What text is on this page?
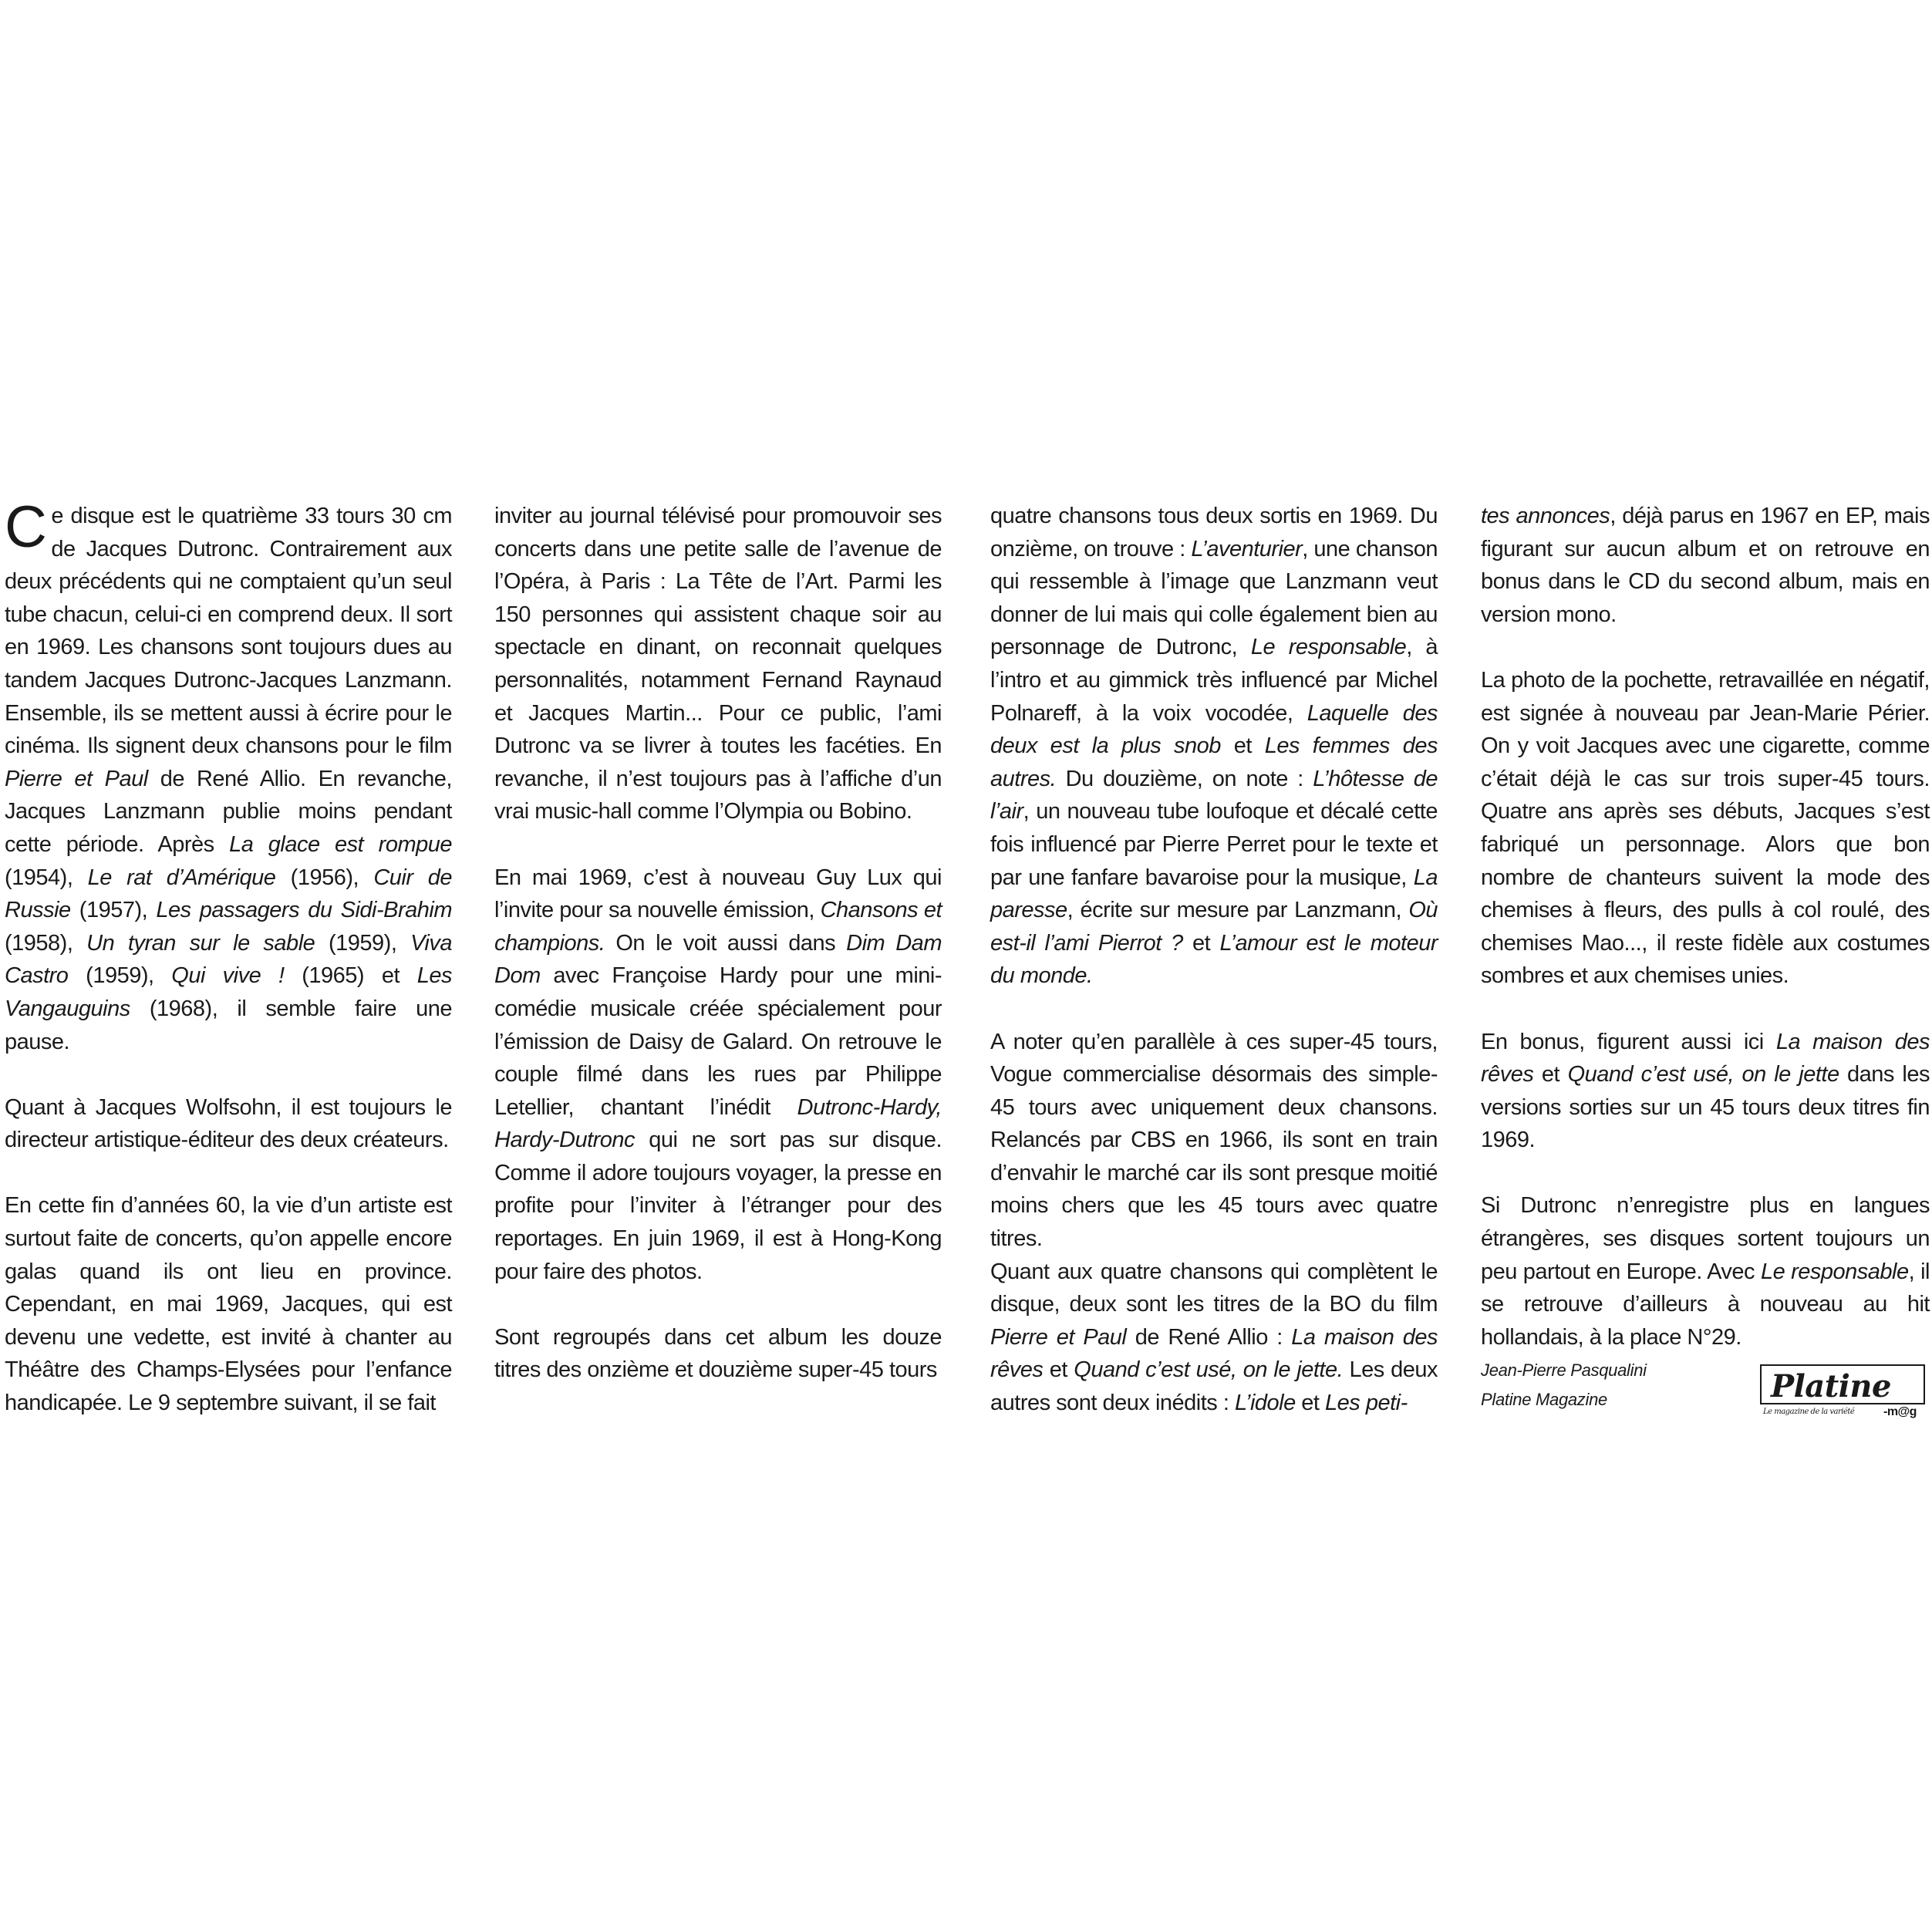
Ce disque est le quatrième 33 tours 30 cm de Jacques Dutronc. Contrairement aux deux précédents qui ne comptaient qu’un seul tube chacun, celui-ci en comprend deux. Il sort en 1969. Les chansons sont toujours dues au tandem Jacques Dutronc-Jacques Lanzmann. Ensemble, ils se mettent aussi à écrire pour le cinéma. Ils signent deux chansons pour le film Pierre et Paul de René Allio. En revanche, Jacques Lanzmann publie moins pendant cette période. Après La glace est rompue (1954), Le rat d’Amérique (1956), Cuir de Russie (1957), Les passagers du Sidi-Brahim (1958), Un tyran sur le sable (1959), Viva Castro (1959), Qui vive ! (1965) et Les Vangauguins (1968), il semble faire une pause.

Quant à Jacques Wolfsohn, il est toujours le directeur artistique-éditeur des deux créateurs.

En cette fin d’années 60, la vie d’un artiste est surtout faite de concerts, qu’on appelle encore galas quand ils ont lieu en province. Cependant, en mai 1969, Jacques, qui est devenu une vedette, est invité à chanter au Théâtre des Champs-Elysées pour l’enfance handicapée. Le 9 septembre suivant, il se fait

inviter au journal télévisé pour promouvoir ses concerts dans une petite salle de l’avenue de l’Opéra, à Paris : La Tête de l’Art. Parmi les 150 personnes qui assistent chaque soir au spectacle en dinant, on reconnait quelques personnalités, notamment Fernand Raynaud et Jacques Martin... Pour ce public, l’ami Dutronc va se livrer à toutes les facéties. En revanche, il n’est toujours pas à l’affiche d’un vrai music-hall comme l’Olympia ou Bobino.

En mai 1969, c’est à nouveau Guy Lux qui l’invite pour sa nouvelle émission, Chansons et champions. On le voit aussi dans Dim Dam Dom avec Françoise Hardy pour une mini-comédie musicale créée spécialement pour l’émission de Daisy de Galard. On retrouve le couple filmé dans les rues par Philippe Letellier, chantant l’inédit Dutronc-Hardy, Hardy-Dutronc qui ne sort pas sur disque. Comme il adore toujours voyager, la presse en profite pour l’inviter à l’étranger pour des reportages. En juin 1969, il est à Hong-Kong pour faire des photos.

Sont regroupés dans cet album les douze titres des onzième et douzième super-45 tours

quatre chansons tous deux sortis en 1969. Du onzième, on trouve : L’aventurier, une chanson qui ressemble à l’image que Lanzmann veut donner de lui mais qui colle également bien au personnage de Dutronc, Le responsable, à l’intro et au gimmick très influencé par Michel Polnareff, à la voix vocodée, Laquelle des deux est la plus snob et Les femmes des autres. Du douzième, on note : L’hôtesse de l’air, un nouveau tube loufoque et décalé cette fois influencé par Pierre Perret pour le texte et par une fanfare bavaroise pour la musique, La paresse, écrite sur mesure par Lanzmann, Où est-il l’ami Pierrot ? et L’amour est le moteur du monde.

A noter qu’en parallèle à ces super-45 tours, Vogue commercialise désormais des simple-45 tours avec uniquement deux chansons. Relancés par CBS en 1966, ils sont en train d’envahir le marché car ils sont presque moitié moins chers que les 45 tours avec quatre titres.

Quant aux quatre chansons qui complètent le disque, deux sont les titres de la BO du film Pierre et Paul de René Allio : La maison des rêves et Quand c’est usé, on le jette. Les deux autres sont deux inédits : L’idole et Les peti-

tes annonces, déjà parus en 1967 en EP, mais figurant sur aucun album et on retrouve en bonus dans le CD du second album, mais en version mono.

La photo de la pochette, retravaillée en négatif, est signée à nouveau par Jean-Marie Périer. On y voit Jacques avec une cigarette, comme c’était déjà le cas sur trois super-45 tours. Quatre ans après ses débuts, Jacques s’est fabriqué un personnage. Alors que bon nombre de chanteurs suivent la mode des chemises à fleurs, des pulls à col roulé, des chemises Mao..., il reste fidèle aux costumes sombres et aux chemises unies.

En bonus, figurent aussi ici La maison des rêves et Quand c’est usé, on le jette dans les versions sorties sur un 45 tours deux titres fin 1969.

Si Dutronc n’enregistre plus en langues étrangères, ses disques sortent toujours un peu partout en Europe. Avec Le responsable, il se retrouve d’ailleurs à nouveau au hit hollandais, à la place N°29.

Jean-Pierre Pasqualini
Platine Magazine	Platine
Le magazine de la variété -m@g
